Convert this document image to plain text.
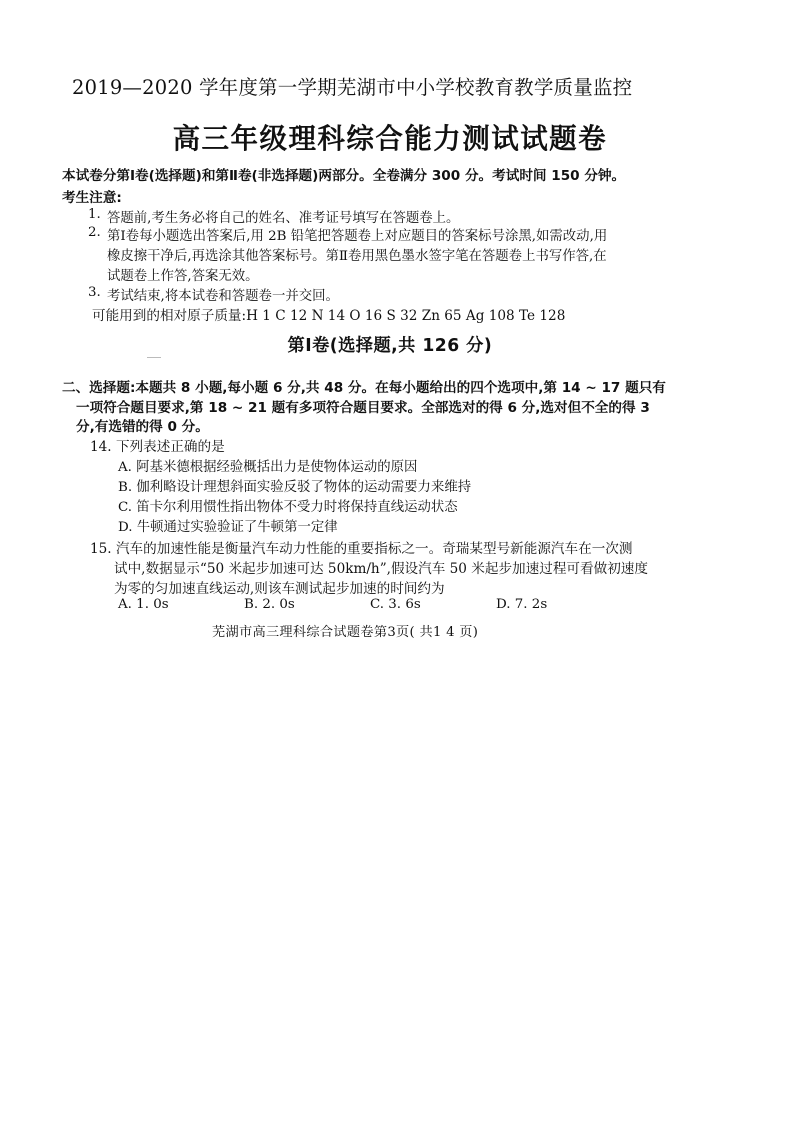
2019—2020 学年度第一学期芜湖市中小学校教育教学质量监控
高三年级理科综合能力测试试题卷
本试卷分第Ⅰ卷(选择题)和第Ⅱ卷(非选择题)两部分。全卷满分 300 分。考试时间 150 分钟。
考生注意:
1. 答题前,考生务必将自己的姓名、准考证号填写在答题卷上。
2. 第Ⅰ卷每小题选出答案后,用 2B 铅笔把答题卷上对应题目的答案标号涂黑,如需改动,用
橡皮擦干净后,再选涂其他答案标号。第Ⅱ卷用黑色墨水签字笔在答题卷上书写作答,在
试题卷上作答,答案无效。
3. 考试结束,将本试卷和答题卷一并交回。
可能用到的相对原子质量:H 1 C 12 N 14 O 16 S 32 Zn 65 Ag 108 Te 128
第Ⅰ卷(选择题,共 126 分)
二、选择题:本题共 8 小题,每小题 6 分,共 48 分。在每小题给出的四个选项中,第 14 ~ 17 题只有
一项符合题目要求,第 18 ~ 21 题有多项符合题目要求。全部选对的得 6 分,选对但不全的得 3
分,有选错的得 0 分。
14. 下列表述正确的是
A. 阿基米德根据经验概括出力是使物体运动的原因
B. 伽利略设计理想斜面实验反驳了物体的运动需要力来维持
C. 笛卡尔利用惯性指出物体不受力时将保持直线运动状态
D. 牛顿通过实验验证了牛顿第一定律
15. 汽车的加速性能是衡量汽车动力性能的重要指标之一。奇瑞某型号新能源汽车在一次测
试中,数据显示“50 米起步加速可达 50km/h”,假设汽车 50 米起步加速过程可看做初速度
为零的匀加速直线运动,则该车测试起步加速的时间约为
A. 1. 0s	B. 2. 0s	C. 3. 6s	D. 7. 2s
芜湖市高三理科综合试题卷第3页( 共1 4 页)
